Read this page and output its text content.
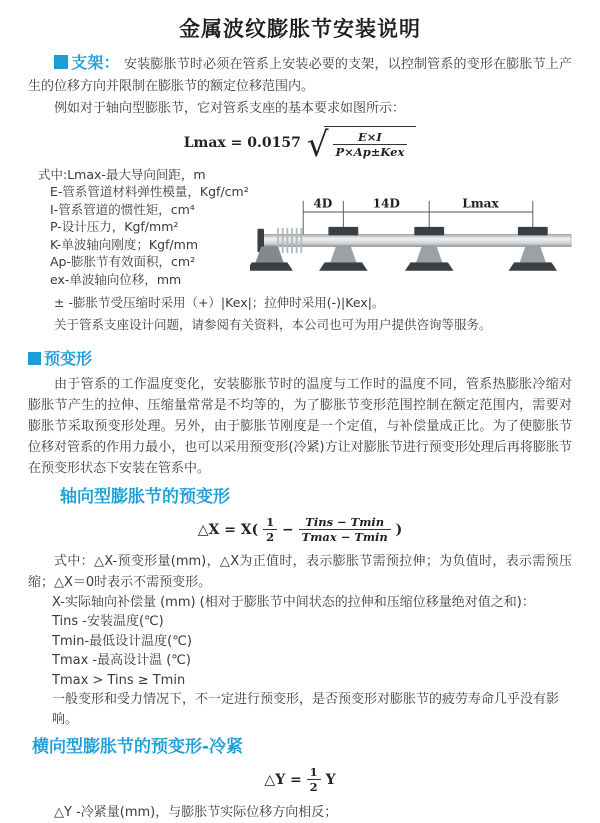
金属波纹膨胀节安装说明

支架： 安装膨胀节时必须在管系上安装必要的支架，以控制管系的变形在膨胀节上产生的位移方向并限制在膨胀节的额定位移范围内。

例如对于轴向型膨胀节，它对管系支座的基本要求如图所示：

Lmax = 0.0157 √ $\frac{E\times I}{\text{P×Ap±Kex}}$
式中:Lmax-最大导向间距，m
E-管系管道材料弹性模量，Kgf/cm²
I-管系管道的惯性矩，cm⁴
P-设计压力，Kgf/mm²
K-单波轴向刚度；Kgf/mm
Ap-膨胀节有效面积，cm²
ex-单波轴向位移，mm
4D	14D	Lmax
± -膨胀节受压缩时采用（+）|Kex|；拉伸时采用(-)|Kex|。
关于管系支座设计问题，请参阅有关资料，本公司也可为用户提供咨询等服务。
预变形

由于管系的工作温度变化，安装膨胀节时的温度与工作时的温度不同，管系热膨胀冷缩对膨胀节产生的拉伸、压缩量常常是不均等的，为了膨胀节变形范围控制在额定范围内，需要对膨胀节采取预变形处理。另外，由于膨胀节刚度是一个定值，与补偿量成正比。为了使膨胀节位移对管系的作用力最小，也可以采用预变形(冷紧)方让对膨胀节进行预变形处理后再将膨胀节在预变形状态下安装在管系中。

轴向型膨胀节的预变形
△X = $X( \frac{1}{2} - \frac{\text{Tins − Tmin}}{Tmax - Tmin}$ )

式中：△X-预变形量(mm)，△X为正值时，表示膨胀节需预拉伸；为负值时，表示需预压缩；△X＝0时表示不需预变形。

X-实际轴向补偿量 (mm) (相对于膨胀节中间状态的拉伸和压缩位移量绝对值之和)：

Tins -安装温度(℃)

Tmin-最低设计温度(℃)

Tmax -最高设计温 (℃)

Tmax > Tins ≥ Tmin

一般变形和受力情况下，不一定进行预变形，是否预变形对膨胀节的疲劳寿命几乎没有影响。

横向型膨胀节的预变形-冷紧
△Y = $\frac{1}{2}$ Y
△Y -冷紧量(mm)，与膨胀节实际位移方向相反；
